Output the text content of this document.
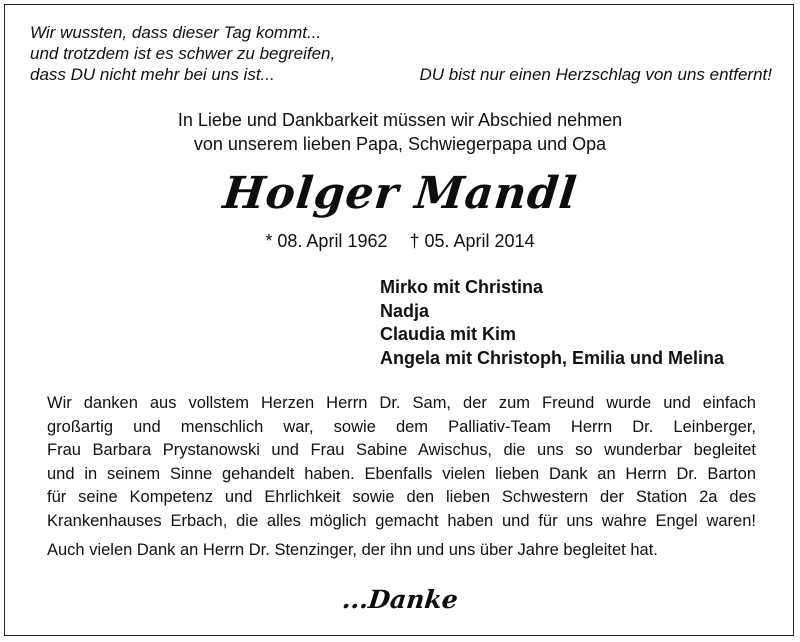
Wir wussten, dass dieser Tag kommt...
und trotzdem ist es schwer zu begreifen,
dass DU nicht mehr bei uns ist...	DU bist nur einen Herzschlag von uns entfernt!
In Liebe und Dankbarkeit müssen wir Abschied nehmen
von unserem lieben Papa, Schwiegerpapa und Opa
Holger Mandl
* 08. April 1962 † 05. April 2014
Mirko mit Christina
Nadja
Claudia mit Kim
Angela mit Christoph, Emilia und Melina
Wir danken aus vollstem Herzen Herrn Dr. Sam, der zum Freund wurde und einfach
großartig und menschlich war, sowie dem Palliativ-Team Herrn Dr. Leinberger,
Frau Barbara Prystanowski und Frau Sabine Awischus, die uns so wunderbar begleitet
und in seinem Sinne gehandelt haben. Ebenfalls vielen lieben Dank an Herrn Dr. Barton
für seine Kompetenz und Ehrlichkeit sowie den lieben Schwestern der Station 2a des
Krankenhauses Erbach, die alles möglich gemacht haben und für uns wahre Engel waren!
Auch vielen Dank an Herrn Dr. Stenzinger, der ihn und uns über Jahre begleitet hat.
...Danke
